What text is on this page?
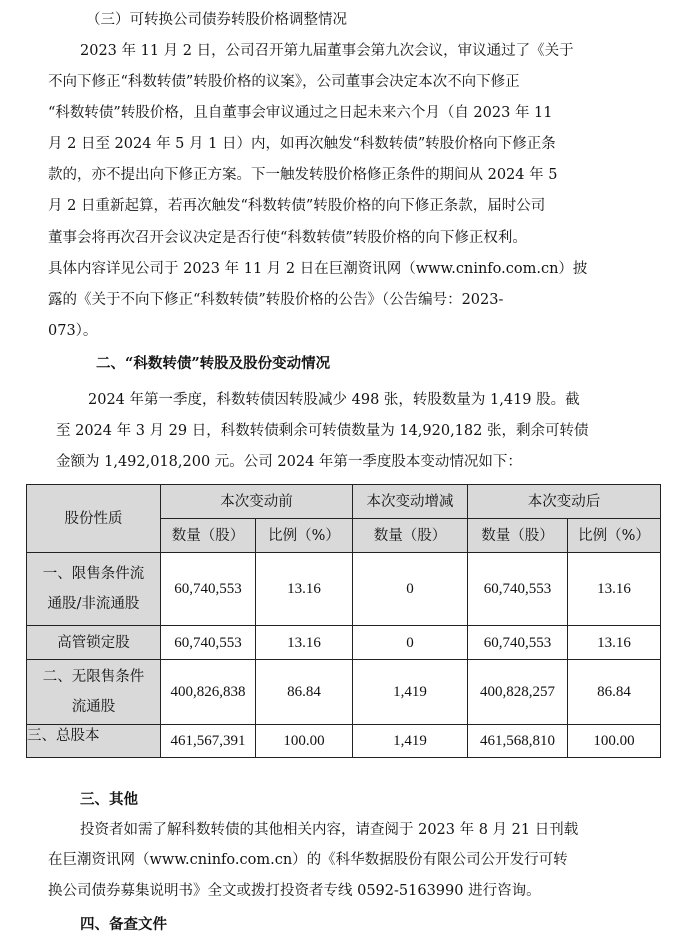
（三）可转换公司债券转股价格调整情况
2023 年 11 月 2 日，公司召开第九届董事会第九次会议，审议通过了《关于
不向下修正“科数转债”转股价格的议案》，公司董事会决定本次不向下修正
“科数转债”转股价格，且自董事会审议通过之日起未来六个月（自 2023 年 11
月 2 日至 2024 年 5 月 1 日）内，如再次触发“科数转债”转股价格向下修正条
款的，亦不提出向下修正方案。下一触发转股价格修正条件的期间从 2024 年 5
月 2 日重新起算，若再次触发“科数转债”转股价格的向下修正条款，届时公司
董事会将再次召开会议决定是否行使“科数转债”转股价格的向下修正权利。
具体内容详见公司于 2023 年 11 月 2 日在巨潮资讯网（www.cninfo.com.cn）披
露的《关于不向下修正“科数转债”转股价格的公告》（公告编号：2023-
073）。
二、“科数转债”转股及股份变动情况
2024 年第一季度，科数转债因转股减少 498 张，转股数量为 1,419 股。截
至 2024 年 3 月 29 日，科数转债剩余可转债数量为 14,920,182 张，剩余可转债
金额为 1,492,018,200 元。公司 2024 年第一季度股本变动情况如下：
股份性质	本次变动前		本次变动增减	本次变动后	
	数量（股）	比例（%）	数量（股）	数量（股）	比例（%）

一、限售条件流
通股/非流通股	60,740,553	13.16	0	60,740,553	13.16
高管锁定股	60,740,553	13.16	0	60,740,553	13.16

二、无限售条件
流通股	400,826,838	86.84	1,419	400,828,257	86.84
三、总股本	461,567,391	100.00	1,419	461,568,810	100.00
三、其他
投资者如需了解科数转债的其他相关内容，请查阅于 2023 年 8 月 21 日刊载
在巨潮资讯网（www.cninfo.com.cn）的《科华数据股份有限公司公开发行可转
换公司债券募集说明书》全文或拨打投资者专线 0592-5163990 进行咨询。
四、备查文件
